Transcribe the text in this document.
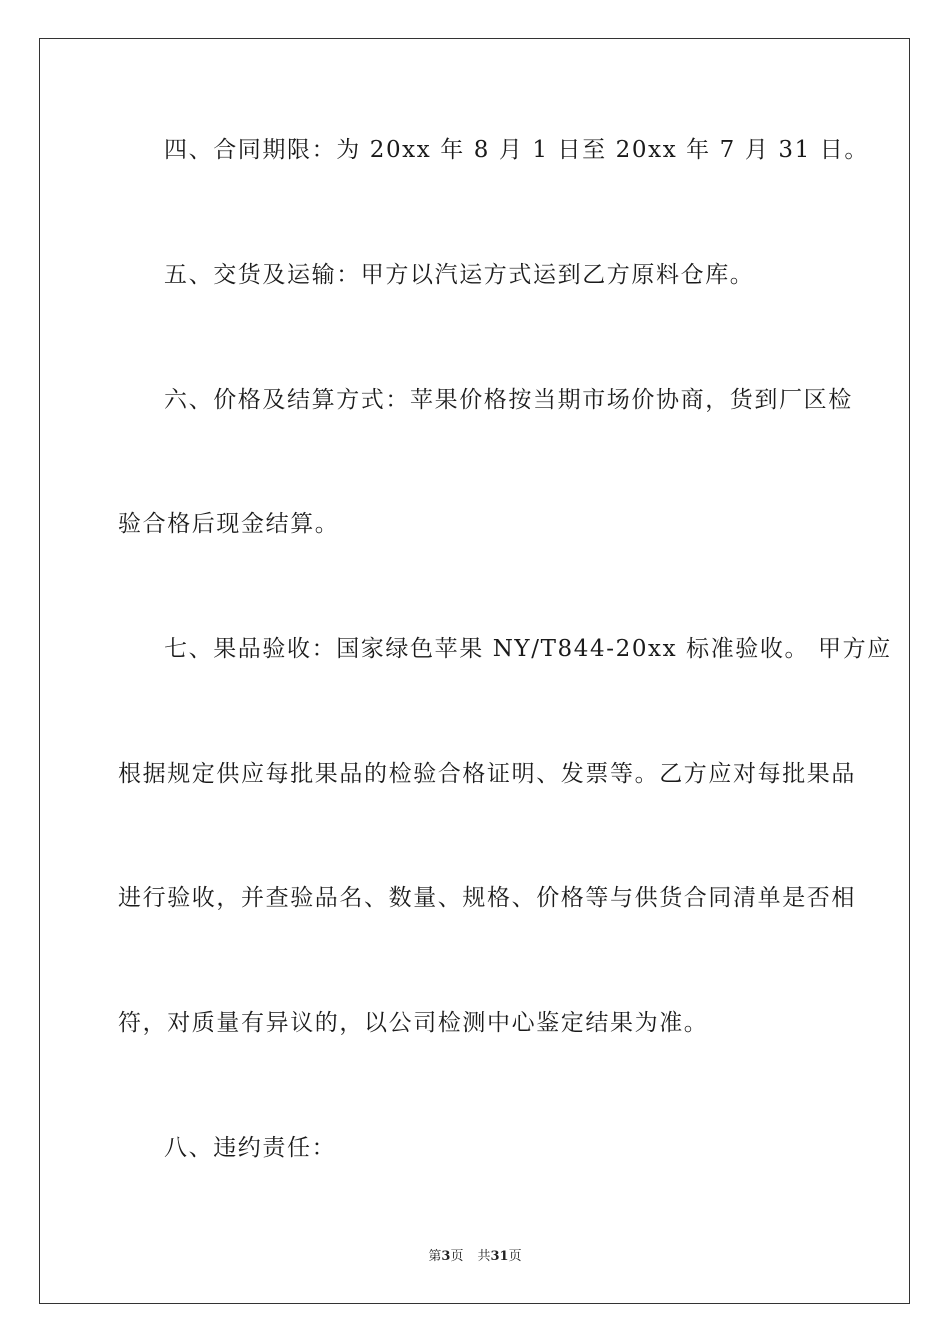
四、合同期限：为 20xx 年 8 月 1 日至 20xx 年 7 月 31 日。
五、交货及运输：甲方以汽运方式运到乙方原料仓库。
六、价格及结算方式：苹果价格按当期市场价协商，货到厂区检
验合格后现金结算。
七、果品验收：国家绿色苹果 NY/T844-20xx 标准验收。 甲方应
根据规定供应每批果品的检验合格证明、发票等。乙方应对每批果品
进行验收，并查验品名、数量、规格、价格等与供货合同清单是否相
符，对质量有异议的，以公司检测中心鉴定结果为准。
八、违约责任：
第3页 共31页
